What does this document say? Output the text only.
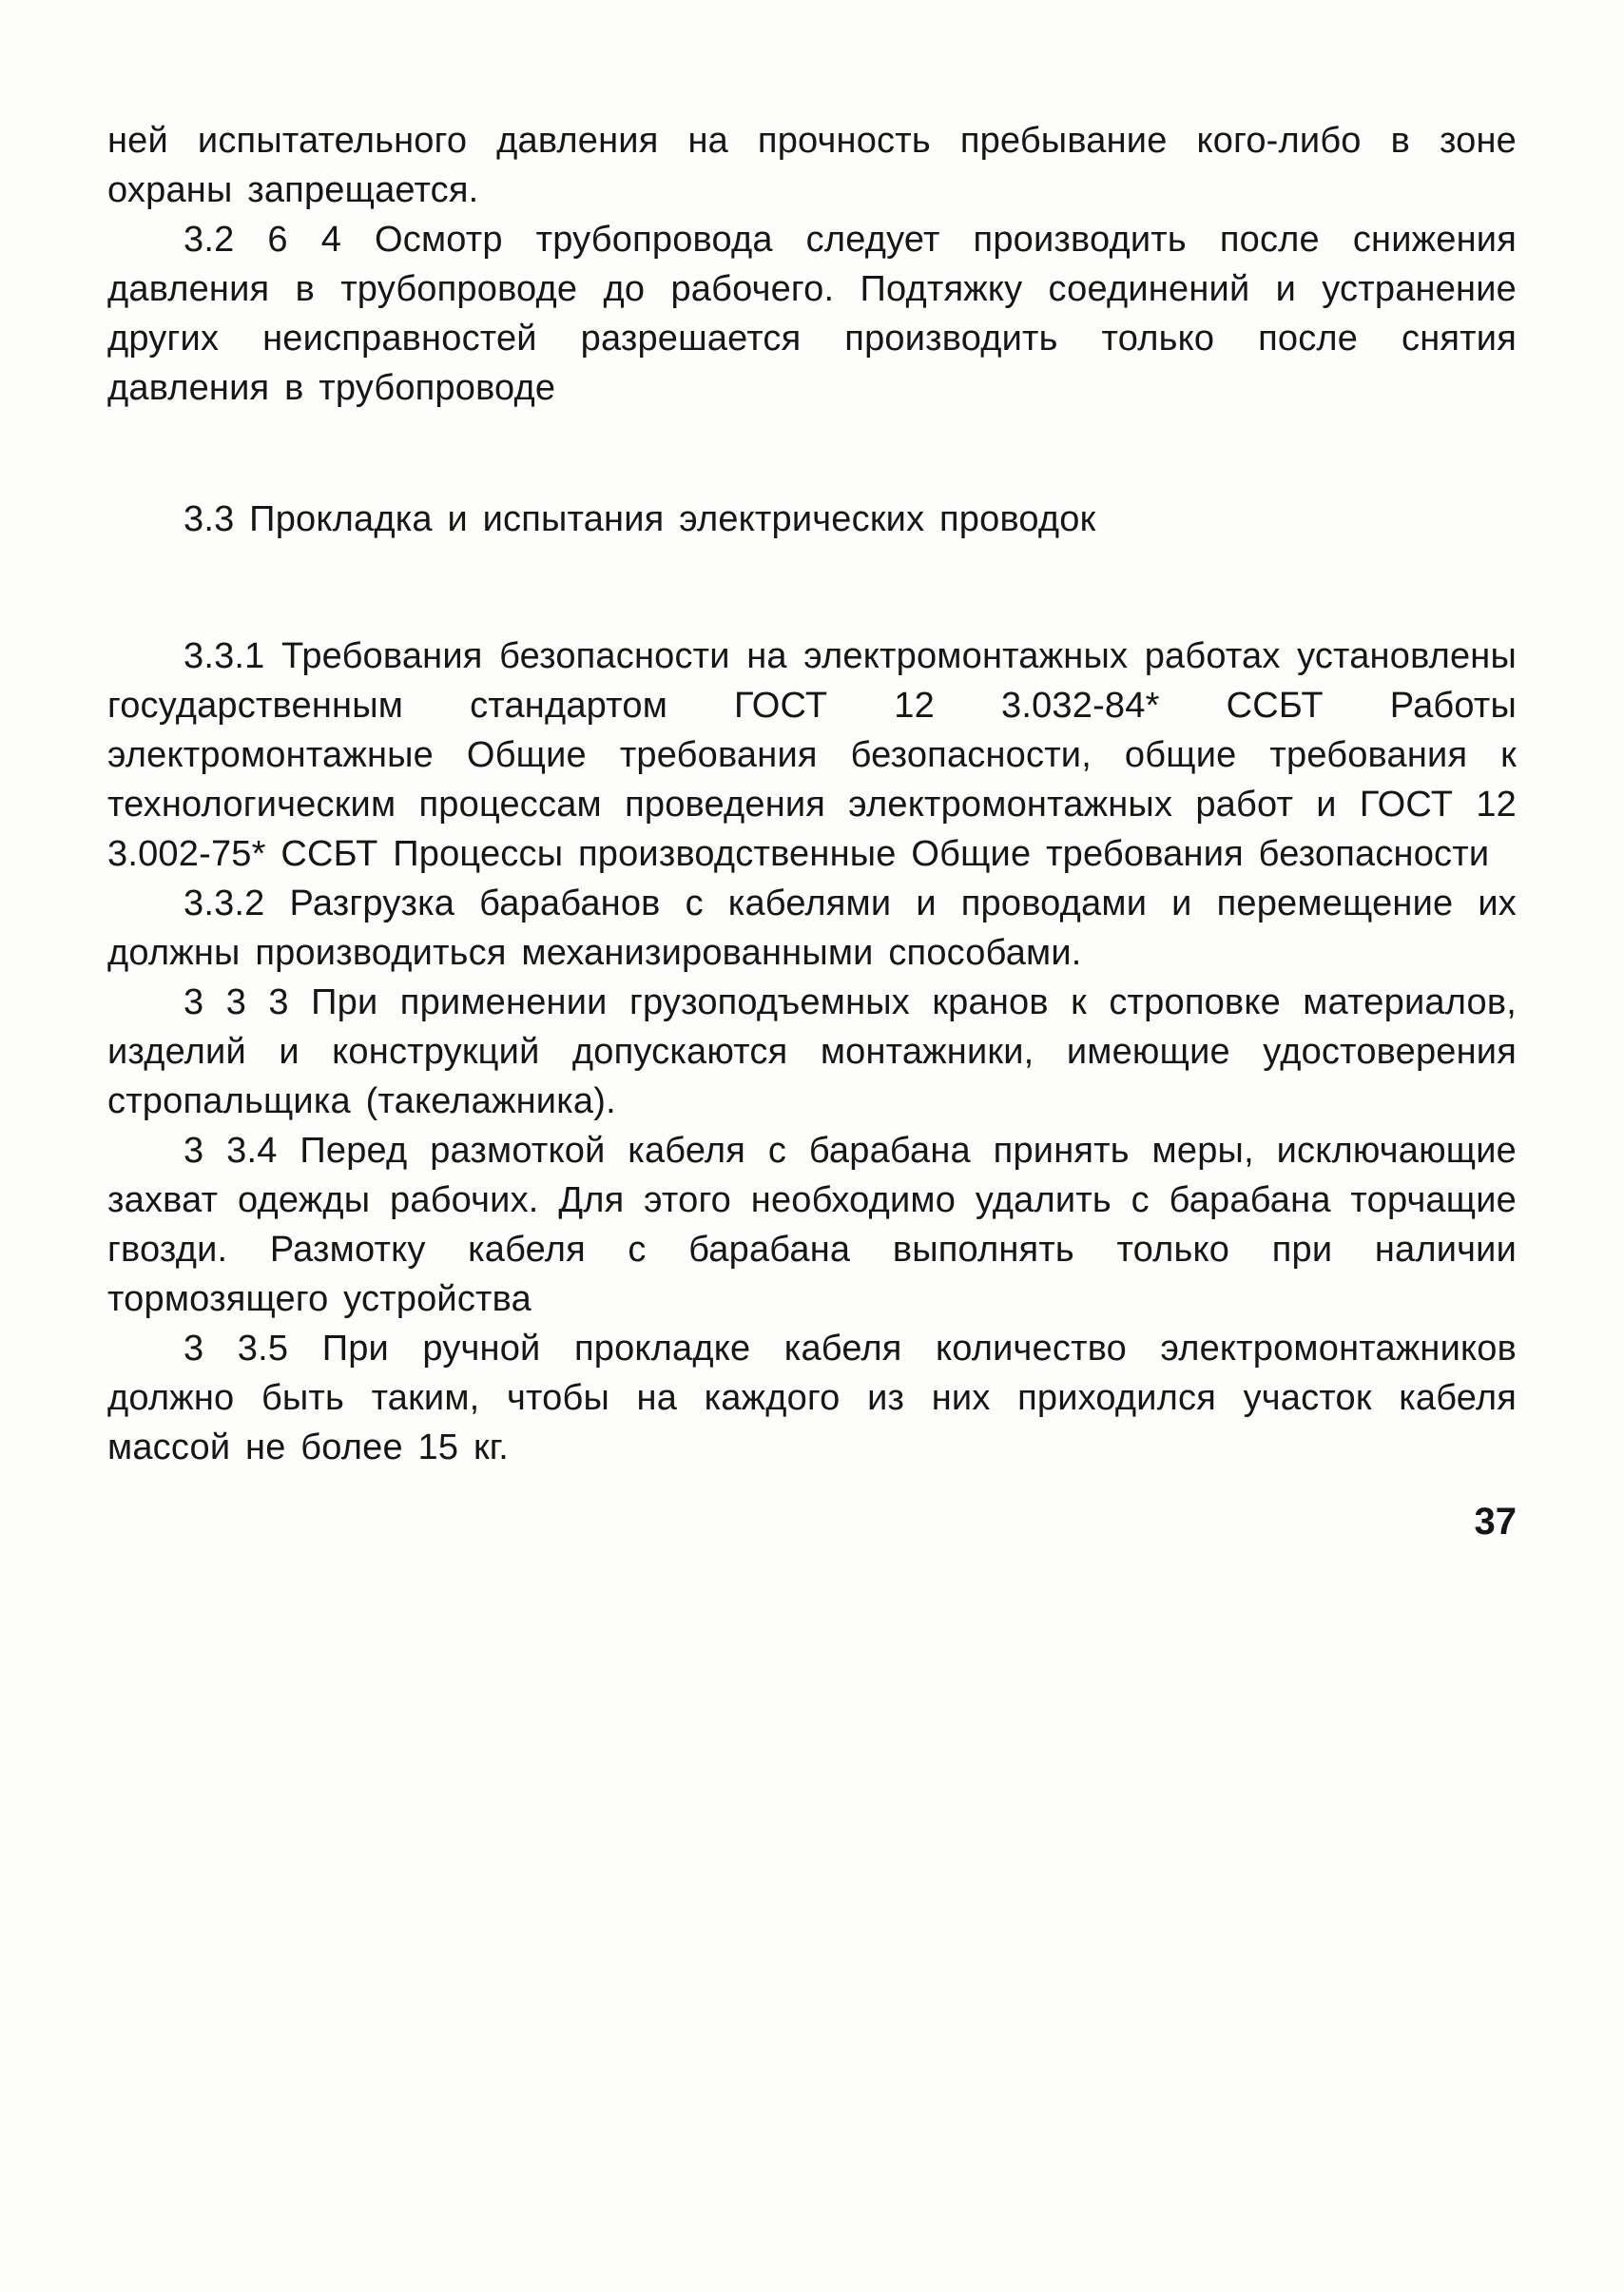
ней испытательного давления на прочность пребывание кого-либо в зоне охраны запрещается.

3.2 6 4 Осмотр трубопровода следует производить после снижения давления в трубопроводе до рабочего. Подтяжку соединений и устранение других неисправностей разрешается производить только после снятия давления в трубопроводе

3.3 Прокладка и испытания электрических проводок

3.3.1 Требования безопасности на электромонтажных работах установлены государственным стандартом ГОСТ 12 3.032-84* ССБТ Работы электромонтажные Общие требования безопасности, общие требования к технологическим процессам проведения электромонтажных работ и ГОСТ 12 3.002-75* ССБТ Процессы производственные Общие требования безопасности

3.3.2 Разгрузка барабанов с кабелями и проводами и перемещение их должны производиться механизированными способами.

3 3 3 При применении грузоподъемных кранов к строповке материалов, изделий и конструкций допускаются монтажники, имеющие удостоверения стропальщика (такелажника).

3 3.4 Перед размоткой кабеля с барабана принять меры, исключающие захват одежды рабочих. Для этого необходимо удалить с барабана торчащие гвозди. Размотку кабеля с барабана выполнять только при наличии тормозящего устройства

3 3.5 При ручной прокладке кабеля количество электромонтажников должно быть таким, чтобы на каждого из них приходился участок кабеля массой не более 15 кг.

37
